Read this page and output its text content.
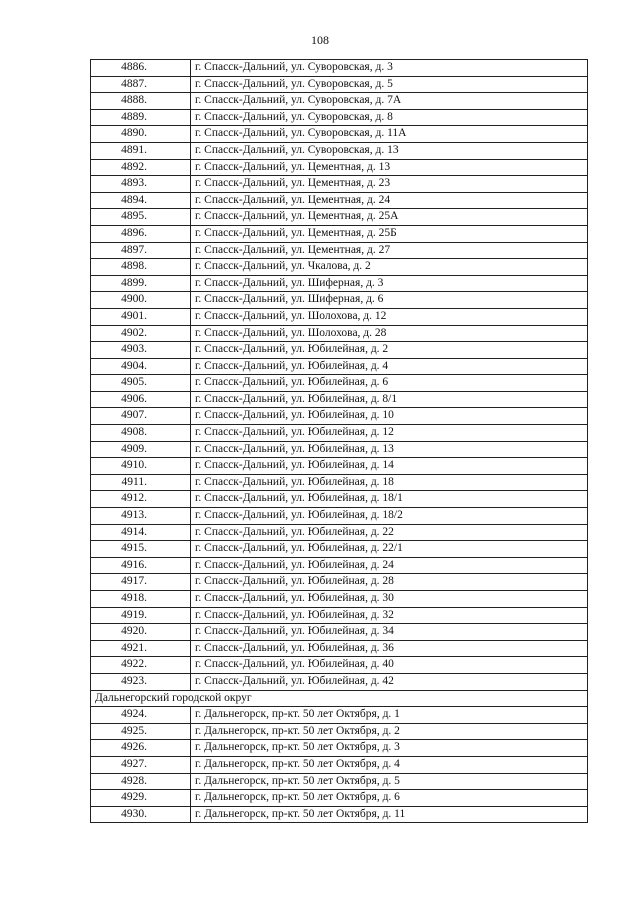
108
4886.	г. Спасск-Дальний, ул. Суворовская, д. 3
4887.	г. Спасск-Дальний, ул. Суворовская, д. 5
4888.	г. Спасск-Дальний, ул. Суворовская, д. 7А
4889.	г. Спасск-Дальний, ул. Суворовская, д. 8
4890.	г. Спасск-Дальний, ул. Суворовская, д. 11А
4891.	г. Спасск-Дальний, ул. Суворовская, д. 13
4892.	г. Спасск-Дальний, ул. Цементная, д. 13
4893.	г. Спасск-Дальний, ул. Цементная, д. 23
4894.	г. Спасск-Дальний, ул. Цементная, д. 24
4895.	г. Спасск-Дальний, ул. Цементная, д. 25А
4896.	г. Спасск-Дальний, ул. Цементная, д. 25Б
4897.	г. Спасск-Дальний, ул. Цементная, д. 27
4898.	г. Спасск-Дальний, ул. Чкалова, д. 2
4899.	г. Спасск-Дальний, ул. Шиферная, д. 3
4900.	г. Спасск-Дальний, ул. Шиферная, д. 6
4901.	г. Спасск-Дальний, ул. Шолохова, д. 12
4902.	г. Спасск-Дальний, ул. Шолохова, д. 28
4903.	г. Спасск-Дальний, ул. Юбилейная, д. 2
4904.	г. Спасск-Дальний, ул. Юбилейная, д. 4
4905.	г. Спасск-Дальний, ул. Юбилейная, д. 6
4906.	г. Спасск-Дальний, ул. Юбилейная, д. 8/1
4907.	г. Спасск-Дальний, ул. Юбилейная, д. 10
4908.	г. Спасск-Дальний, ул. Юбилейная, д. 12
4909.	г. Спасск-Дальний, ул. Юбилейная, д. 13
4910.	г. Спасск-Дальний, ул. Юбилейная, д. 14
4911.	г. Спасск-Дальний, ул. Юбилейная, д. 18
4912.	г. Спасск-Дальний, ул. Юбилейная, д. 18/1
4913.	г. Спасск-Дальний, ул. Юбилейная, д. 18/2
4914.	г. Спасск-Дальний, ул. Юбилейная, д. 22
4915.	г. Спасск-Дальний, ул. Юбилейная, д. 22/1
4916.	г. Спасск-Дальний, ул. Юбилейная, д. 24
4917.	г. Спасск-Дальний, ул. Юбилейная, д. 28
4918.	г. Спасск-Дальний, ул. Юбилейная, д. 30
4919.	г. Спасск-Дальний, ул. Юбилейная, д. 32
4920.	г. Спасск-Дальний, ул. Юбилейная, д. 34
4921.	г. Спасск-Дальний, ул. Юбилейная, д. 36
4922.	г. Спасск-Дальний, ул. Юбилейная, д. 40
4923.	г. Спасск-Дальний, ул. Юбилейная, д. 42
Дальнегорский городской округ	
4924.	г. Дальнегорск, пр-кт. 50 лет Октября, д. 1
4925.	г. Дальнегорск, пр-кт. 50 лет Октября, д. 2
4926.	г. Дальнегорск, пр-кт. 50 лет Октября, д. 3
4927.	г. Дальнегорск, пр-кт. 50 лет Октября, д. 4
4928.	г. Дальнегорск, пр-кт. 50 лет Октября, д. 5
4929.	г. Дальнегорск, пр-кт. 50 лет Октября, д. 6
4930.	г. Дальнегорск, пр-кт. 50 лет Октября, д. 11
